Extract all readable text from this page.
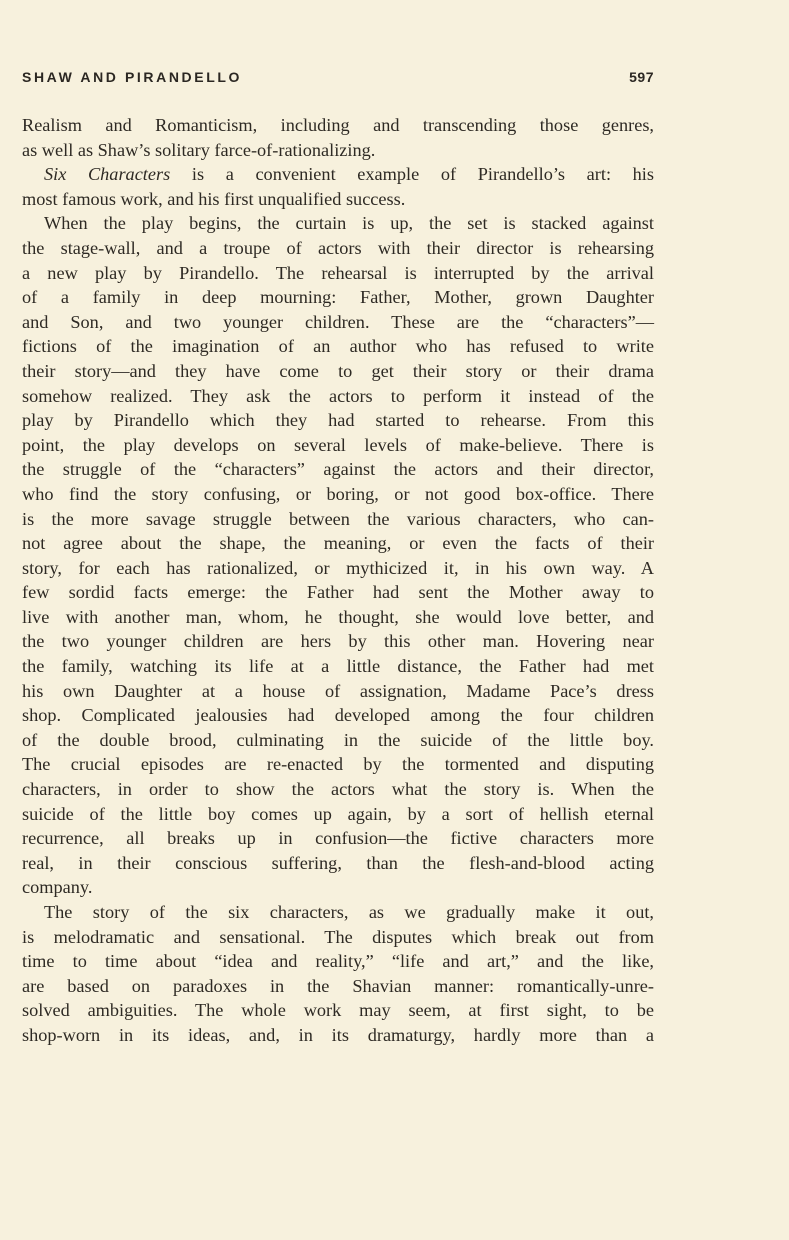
SHAW AND PIRANDELLO	597
Realism and Romanticism, including and transcending those genres,
as well as Shaw’s solitary farce-of-rationalizing.
Six Characters is a convenient example of Pirandello’s art: his
most famous work, and his first unqualified success.
When the play begins, the curtain is up, the set is stacked against
the stage-wall, and a troupe of actors with their director is rehearsing
a new play by Pirandello. The rehearsal is interrupted by the arrival
of a family in deep mourning: Father, Mother, grown Daughter
and Son, and two younger children. These are the “characters”—
fictions of the imagination of an author who has refused to write
their story—and they have come to get their story or their drama
somehow realized. They ask the actors to perform it instead of the
play by Pirandello which they had started to rehearse. From this
point, the play develops on several levels of make-believe. There is
the struggle of the “characters” against the actors and their director,
who find the story confusing, or boring, or not good box-office. There
is the more savage struggle between the various characters, who can-
not agree about the shape, the meaning, or even the facts of their
story, for each has rationalized, or mythicized it, in his own way. A
few sordid facts emerge: the Father had sent the Mother away to
live with another man, whom, he thought, she would love better, and
the two younger children are hers by this other man. Hovering near
the family, watching its life at a little distance, the Father had met
his own Daughter at a house of assignation, Madame Pace’s dress
shop. Complicated jealousies had developed among the four children
of the double brood, culminating in the suicide of the little boy.
The crucial episodes are re-enacted by the tormented and disputing
characters, in order to show the actors what the story is. When the
suicide of the little boy comes up again, by a sort of hellish eternal
recurrence, all breaks up in confusion—the fictive characters more
real, in their conscious suffering, than the flesh-and-blood acting
company.
The story of the six characters, as we gradually make it out,
is melodramatic and sensational. The disputes which break out from
time to time about “idea and reality,” “life and art,” and the like,
are based on paradoxes in the Shavian manner: romantically-unre-
solved ambiguities. The whole work may seem, at first sight, to be
shop-worn in its ideas, and, in its dramaturgy, hardly more than a
